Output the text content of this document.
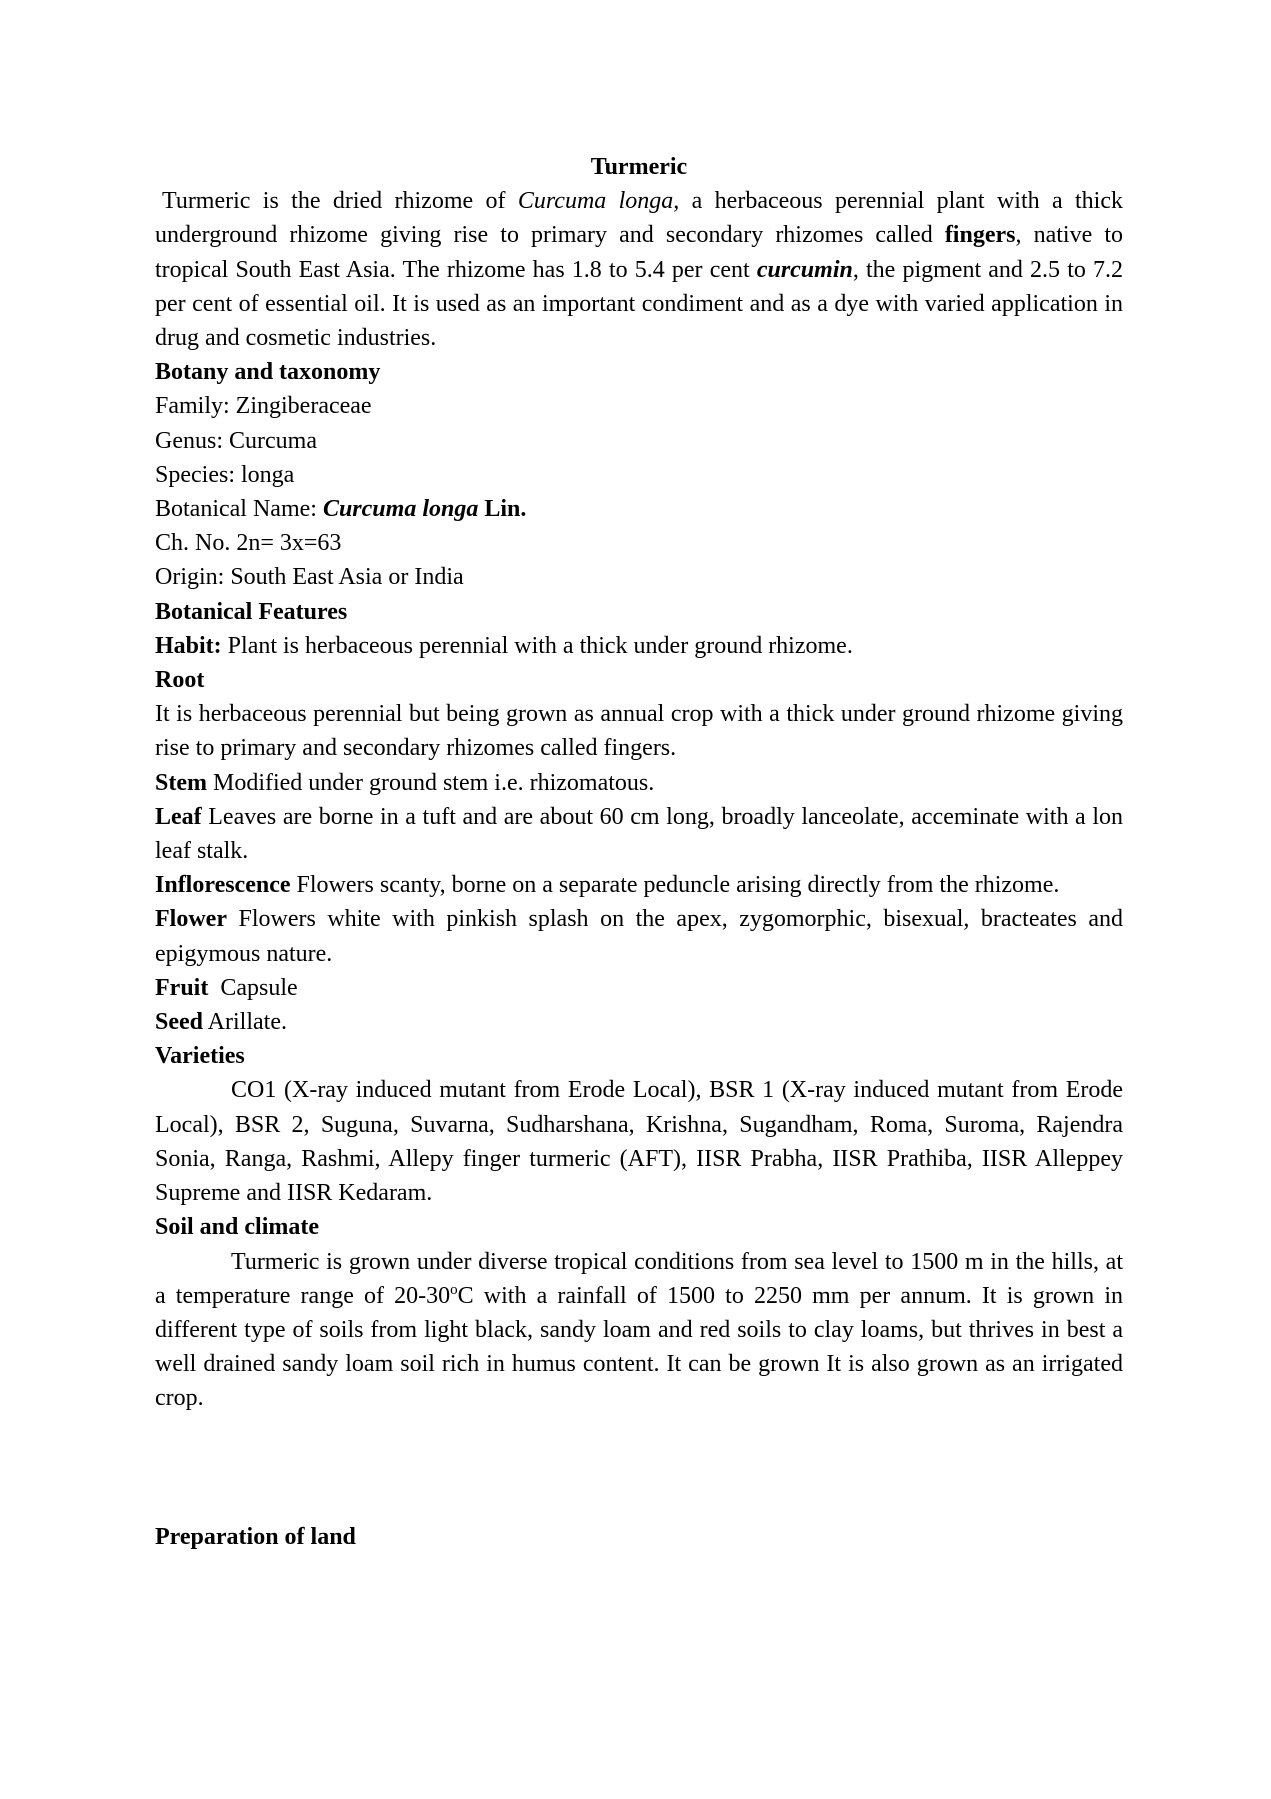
Turmeric

Turmeric is the dried rhizome of Curcuma longa, a herbaceous perennial plant with a thick underground rhizome giving rise to primary and secondary rhizomes called fingers, native to tropical South East Asia. The rhizome has 1.8 to 5.4 per cent curcumin, the pigment and 2.5 to 7.2 per cent of essential oil. It is used as an important condiment and as a dye with varied application in drug and cosmetic industries.

Botany and taxonomy

Family: Zingiberaceae

Genus: Curcuma

Species: longa

Botanical Name: Curcuma longa Lin.

Ch. No. 2n= 3x=63

Origin: South East Asia or India

Botanical Features

Habit: Plant is herbaceous perennial with a thick under ground rhizome.

Root

It is herbaceous perennial but being grown as annual crop with a thick under ground rhizome giving rise to primary and secondary rhizomes called fingers.

Stem Modified under ground stem i.e. rhizomatous.

Leaf Leaves are borne in a tuft and are about 60 cm long, broadly lanceolate, acceminate with a lon leaf stalk.

Inflorescence Flowers scanty, borne on a separate peduncle arising directly from the rhizome.

Flower Flowers white with pinkish splash on the apex, zygomorphic, bisexual, bracteates and epigymous nature.

Fruit  Capsule

Seed Arillate.

Varieties

CO1 (X-ray induced mutant from Erode Local), BSR 1 (X-ray induced mutant from Erode Local), BSR 2, Suguna, Suvarna, Sudharshana, Krishna, Sugandham, Roma, Suroma, Rajendra Sonia, Ranga, Rashmi, Allepy finger turmeric (AFT), IISR Prabha, IISR Prathiba, IISR Alleppey Supreme and IISR Kedaram.

Soil and climate

Turmeric is grown under diverse tropical conditions from sea level to 1500 m in the hills, at a temperature range of 20-30$^o$C with a rainfall of 1500 to 2250 mm per annum. It is grown in different type of soils from light black, sandy loam and red soils to clay loams, but thrives in best a well drained sandy loam soil rich in humus content. It can be grown It is also grown as an irrigated crop.

Preparation of land
